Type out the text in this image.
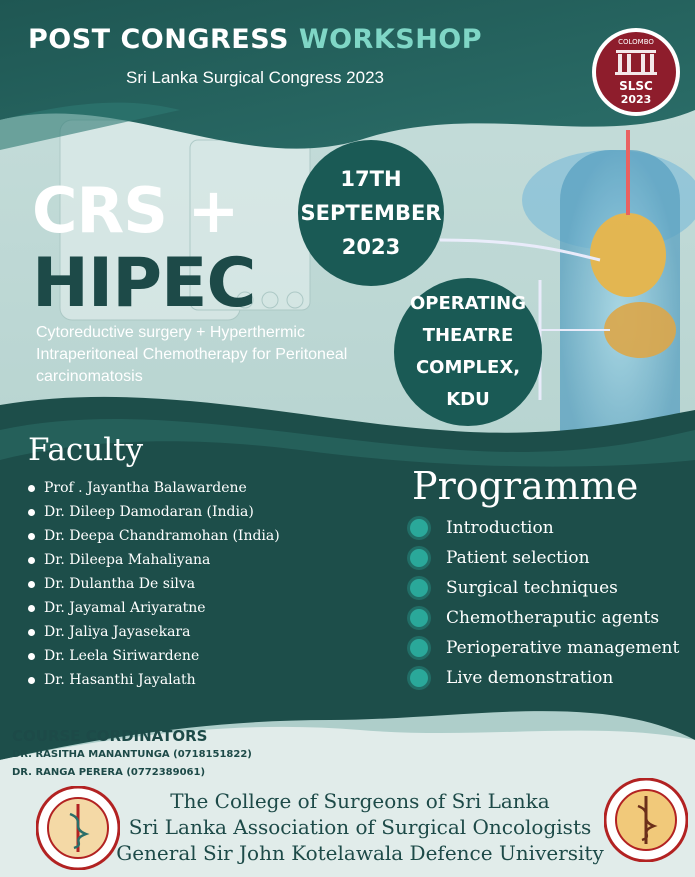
POST CONGRESS WORKSHOP
Sri Lanka Surgical Congress 2023
COLOMBO
SLSC
2023
CRS +
HIPEC
Cytoreductive surgery + Hyperthermic Intraperitoneal Chemotherapy for Peritoneal carcinomatosis
17TH
SEPTEMBER
2023
OPERATING
THEATRE
COMPLEX, KDU
Faculty
Prof . Jayantha Balawardene
Dr. Dileep Damodaran (India)
Dr. Deepa Chandramohan (India)
Dr. Dileepa Mahaliyana
Dr. Dulantha De silva
Dr. Jayamal Ariyaratne
Dr. Jaliya Jayasekara
Dr. Leela Siriwardene
Dr. Hasanthi Jayalath
Programme
Introduction
Patient selection
Surgical techniques
Chemotheraputic agents
Perioperative management
Live demonstration
COURSE CORDINATORS
DR. RASITHA MANANTUNGA (0718151822)
DR. RANGA PERERA (0772389061)
The College of Surgeons of Sri Lanka
Sri Lanka Association of Surgical Oncologists
General Sir John Kotelawala Defence University
